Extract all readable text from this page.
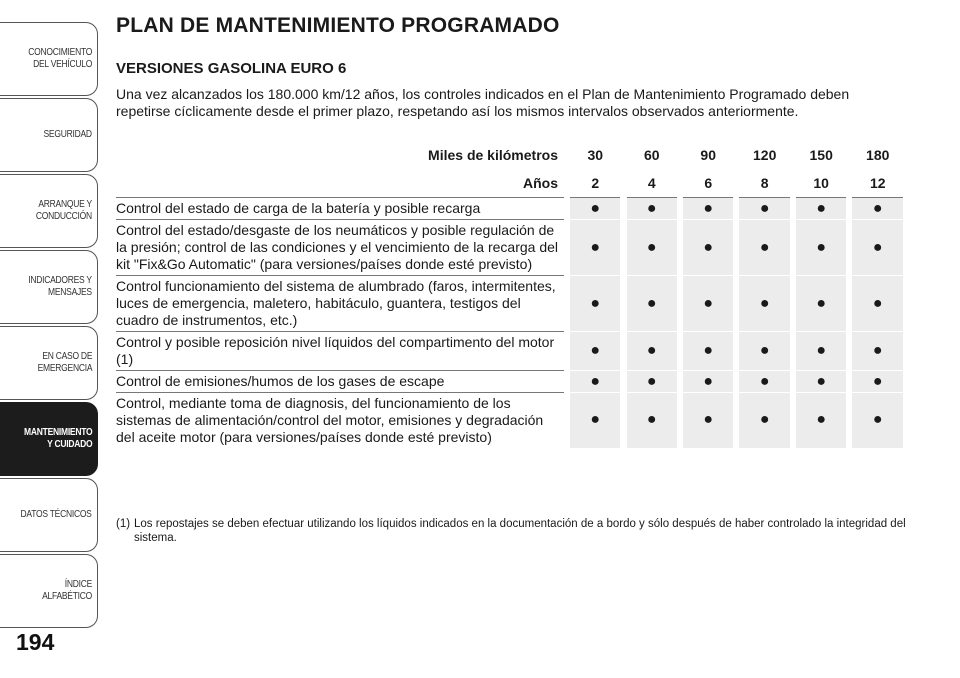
CONOCIMIENTO
DEL VEHÍCULO
SEGURIDAD
ARRANQUE Y
CONDUCCIÓN
INDICADORES Y
MENSAJES
EN CASO DE
EMERGENCIA
MANTENIMIENTO
Y CUIDADO
DATOS TÉCNICOS
ÍNDICE ALFABÉTICO
194
PLAN DE MANTENIMIENTO PROGRAMADO
VERSIONES GASOLINA EURO 6

Una vez alcanzados los 180.000 km/12 años, los controles indicados en el Plan de Mantenimiento Programado deben repetirse cíclicamente desde el primer plazo, respetando así los mismos intervalos observados anteriormente.

Miles de kilómetros		30		60		90		120		150		180
Años		2		4		6		8		10		12
Control del estado de carga de la batería y posible recarga		●		●		●		●		●		●
Control del estado/desgaste de los neumáticos y posible regulación de la presión; control de las condiciones y el vencimiento de la recarga del kit "Fix&Go Automatic" (para versiones/países donde esté previsto)		●		●		●		●		●		●
Control funcionamiento del sistema de alumbrado (faros, intermitentes, luces de emergencia, maletero, habitáculo, guantera, testigos del cuadro de instrumentos, etc.)		●		●		●		●		●		●
Control y posible reposición nivel líquidos del compartimento del motor (1)		●		●		●		●		●		●
Control de emisiones/humos de los gases de escape		●		●		●		●		●		●
Control, mediante toma de diagnosis, del funcionamiento de los sistemas de alimentación/control del motor, emisiones y degradación del aceite motor (para versiones/países donde esté previsto)		●		●		●		●		●		●
(1) Los repostajes se deben efectuar utilizando los líquidos indicados en la documentación de a bordo y sólo después de haber controlado la integridad del sistema.
